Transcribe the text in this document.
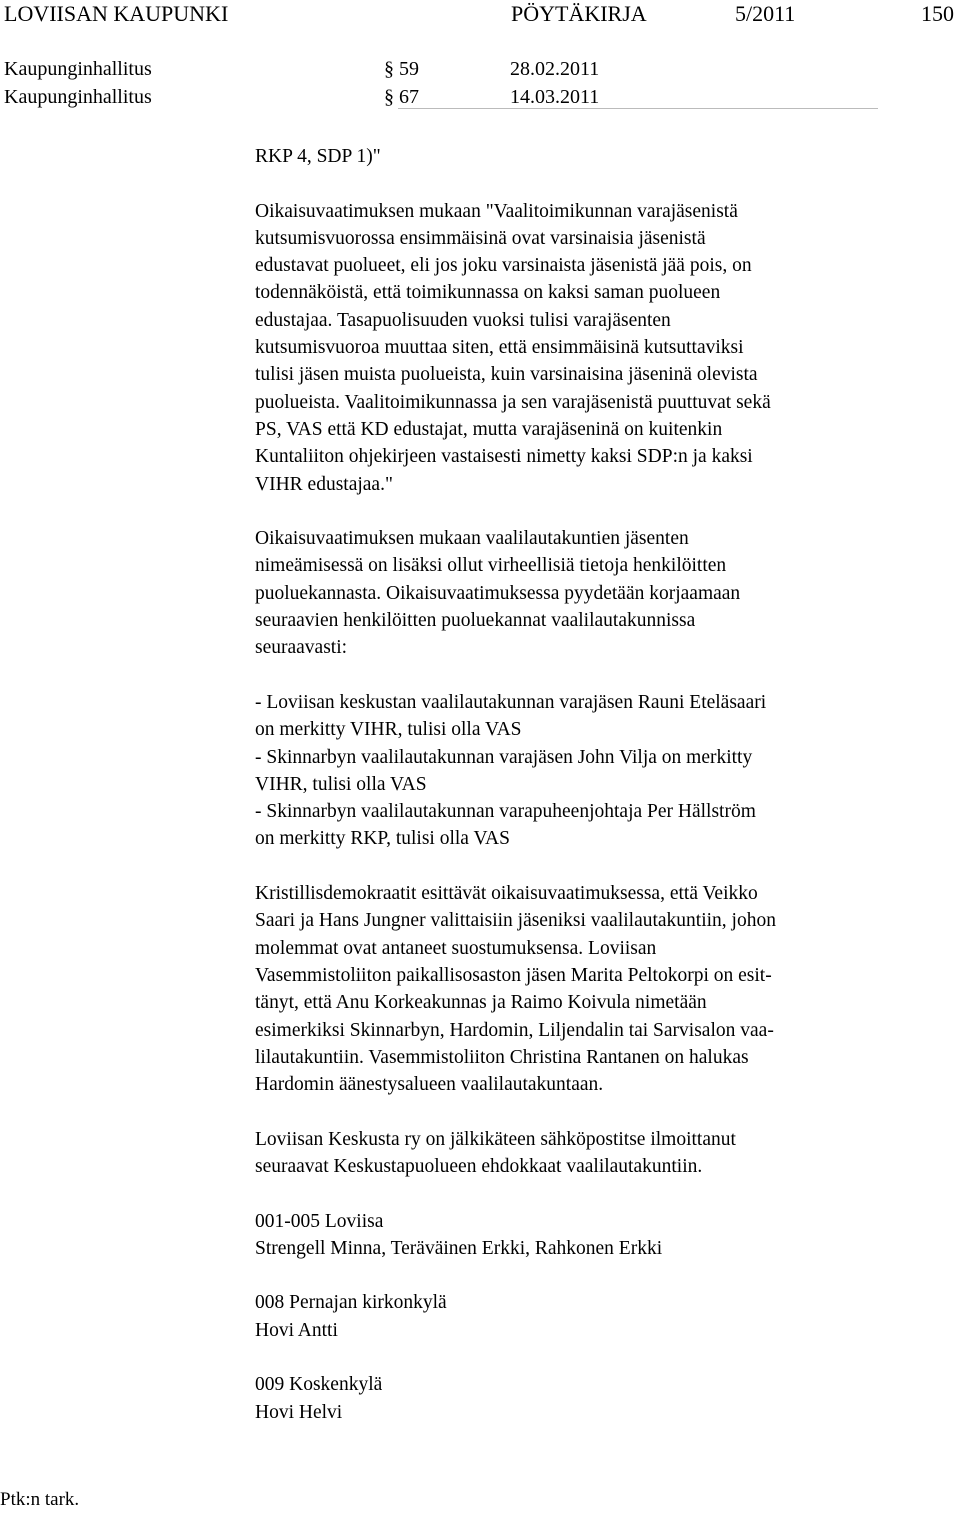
LOVIISAN KAUPUNKI	PÖYTÄKIRJA	5/2011	150
Kaupunginhallitus	§ 59	28.02.2011
Kaupunginhallitus	§ 67	14.03.2011

RKP 4, SDP 1)"

Oikaisuvaatimuksen mukaan "Vaalitoimikunnan varajäsenistä
kutsumisvuorossa ensimmäisinä ovat varsinaisia jäsenistä
edustavat puolueet, eli jos joku varsinaista jäsenistä jää pois, on
todennäköistä, että toimikunnassa on kaksi saman puolueen
edustajaa. Tasapuolisuuden vuoksi tulisi varajäsenten
kutsumisvuoroa muuttaa siten, että ensimmäisinä kutsuttaviksi
tulisi jäsen muista puolueista, kuin varsinaisina jäseninä olevista
puolueista. Vaalitoimikunnassa ja sen varajäsenistä puuttuvat sekä
PS, VAS että KD edustajat, mutta varajäseninä on kuitenkin
Kuntaliiton ohjekirjeen vastaisesti nimetty kaksi SDP:n ja kaksi
VIHR edustajaa."

Oikaisuvaatimuksen mukaan vaalilautakuntien jäsenten
nimeämisessä on lisäksi ollut virheellisiä tietoja henkilöitten
puoluekannasta. Oikaisuvaatimuksessa pyydetään korjaamaan
seuraavien henkilöitten puoluekannat vaalilautakunnissa
seuraavasti:

- Loviisan keskustan vaalilautakunnan varajäsen Rauni Eteläsaari
on merkitty VIHR, tulisi olla VAS
- Skinnarbyn vaalilautakunnan varajäsen John Vilja on merkitty
VIHR, tulisi olla VAS
- Skinnarbyn vaalilautakunnan varapuheenjohtaja Per Hällström
on merkitty RKP, tulisi olla VAS

Kristillisdemokraatit esittävät oikaisuvaatimuksessa, että Veikko
Saari ja Hans Jungner valittaisiin jäseniksi vaalilautakuntiin, johon
molemmat ovat antaneet suostumuksensa. Loviisan
Vasemmistoliiton paikallisosaston jäsen Marita Peltokorpi on esit-
tänyt, että Anu Korkeakunnas ja Raimo Koivula nimetään
esimerkiksi Skinnarbyn, Hardomin, Liljendalin tai Sarvisalon vaa-
lilautakuntiin. Vasemmistoliiton Christina Rantanen on halukas
Hardomin äänestysalueen vaalilautakuntaan.

Loviisan Keskusta ry on jälkikäteen sähköpostitse ilmoittanut
seuraavat Keskustapuolueen ehdokkaat vaalilautakuntiin.

001-005 Loviisa
Strengell Minna, Teräväinen Erkki, Rahkonen Erkki

008 Pernajan kirkonkylä
Hovi Antti

009 Koskenkylä
Hovi Helvi

Ptk:n tark.
